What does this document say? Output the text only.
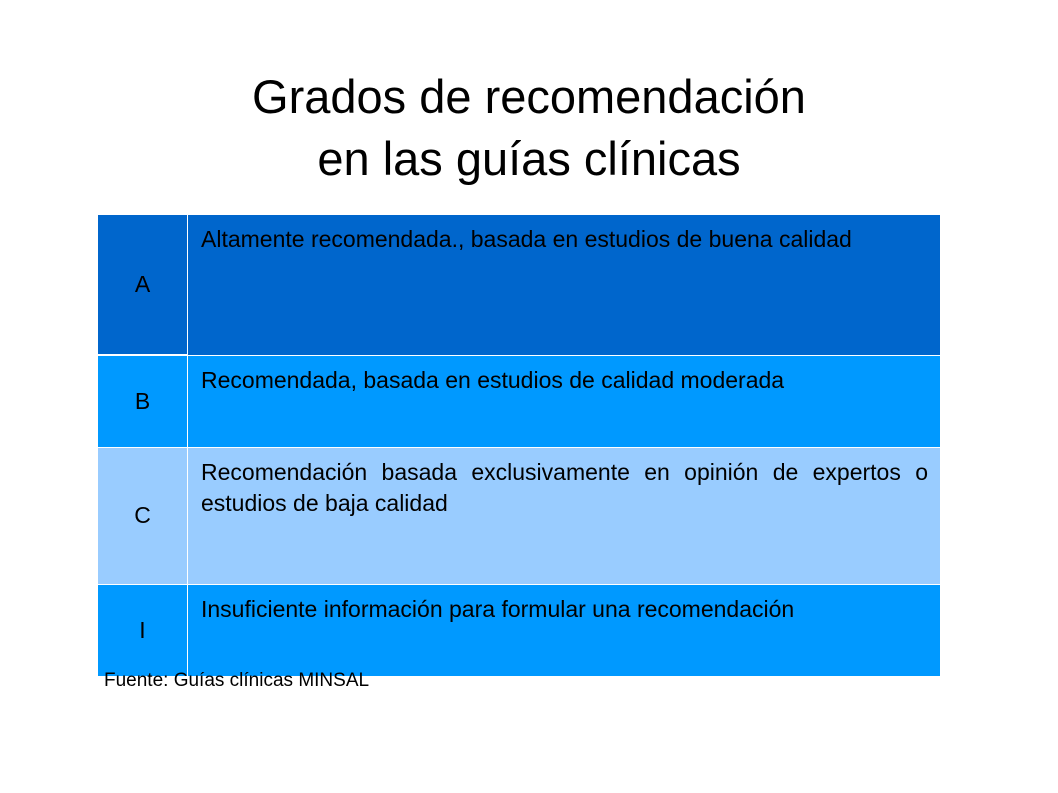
Grados de recomendación
en las guías clínicas
A	Altamente recomendada., basada en estudios de buena calidad
B	Recomendada, basada en estudios de calidad moderada
C	Recomendación basada exclusivamente en opinión de expertos o estudios de baja calidad
I	Insuficiente información para formular una recomendación

Fuente: Guías clínicas MINSAL
